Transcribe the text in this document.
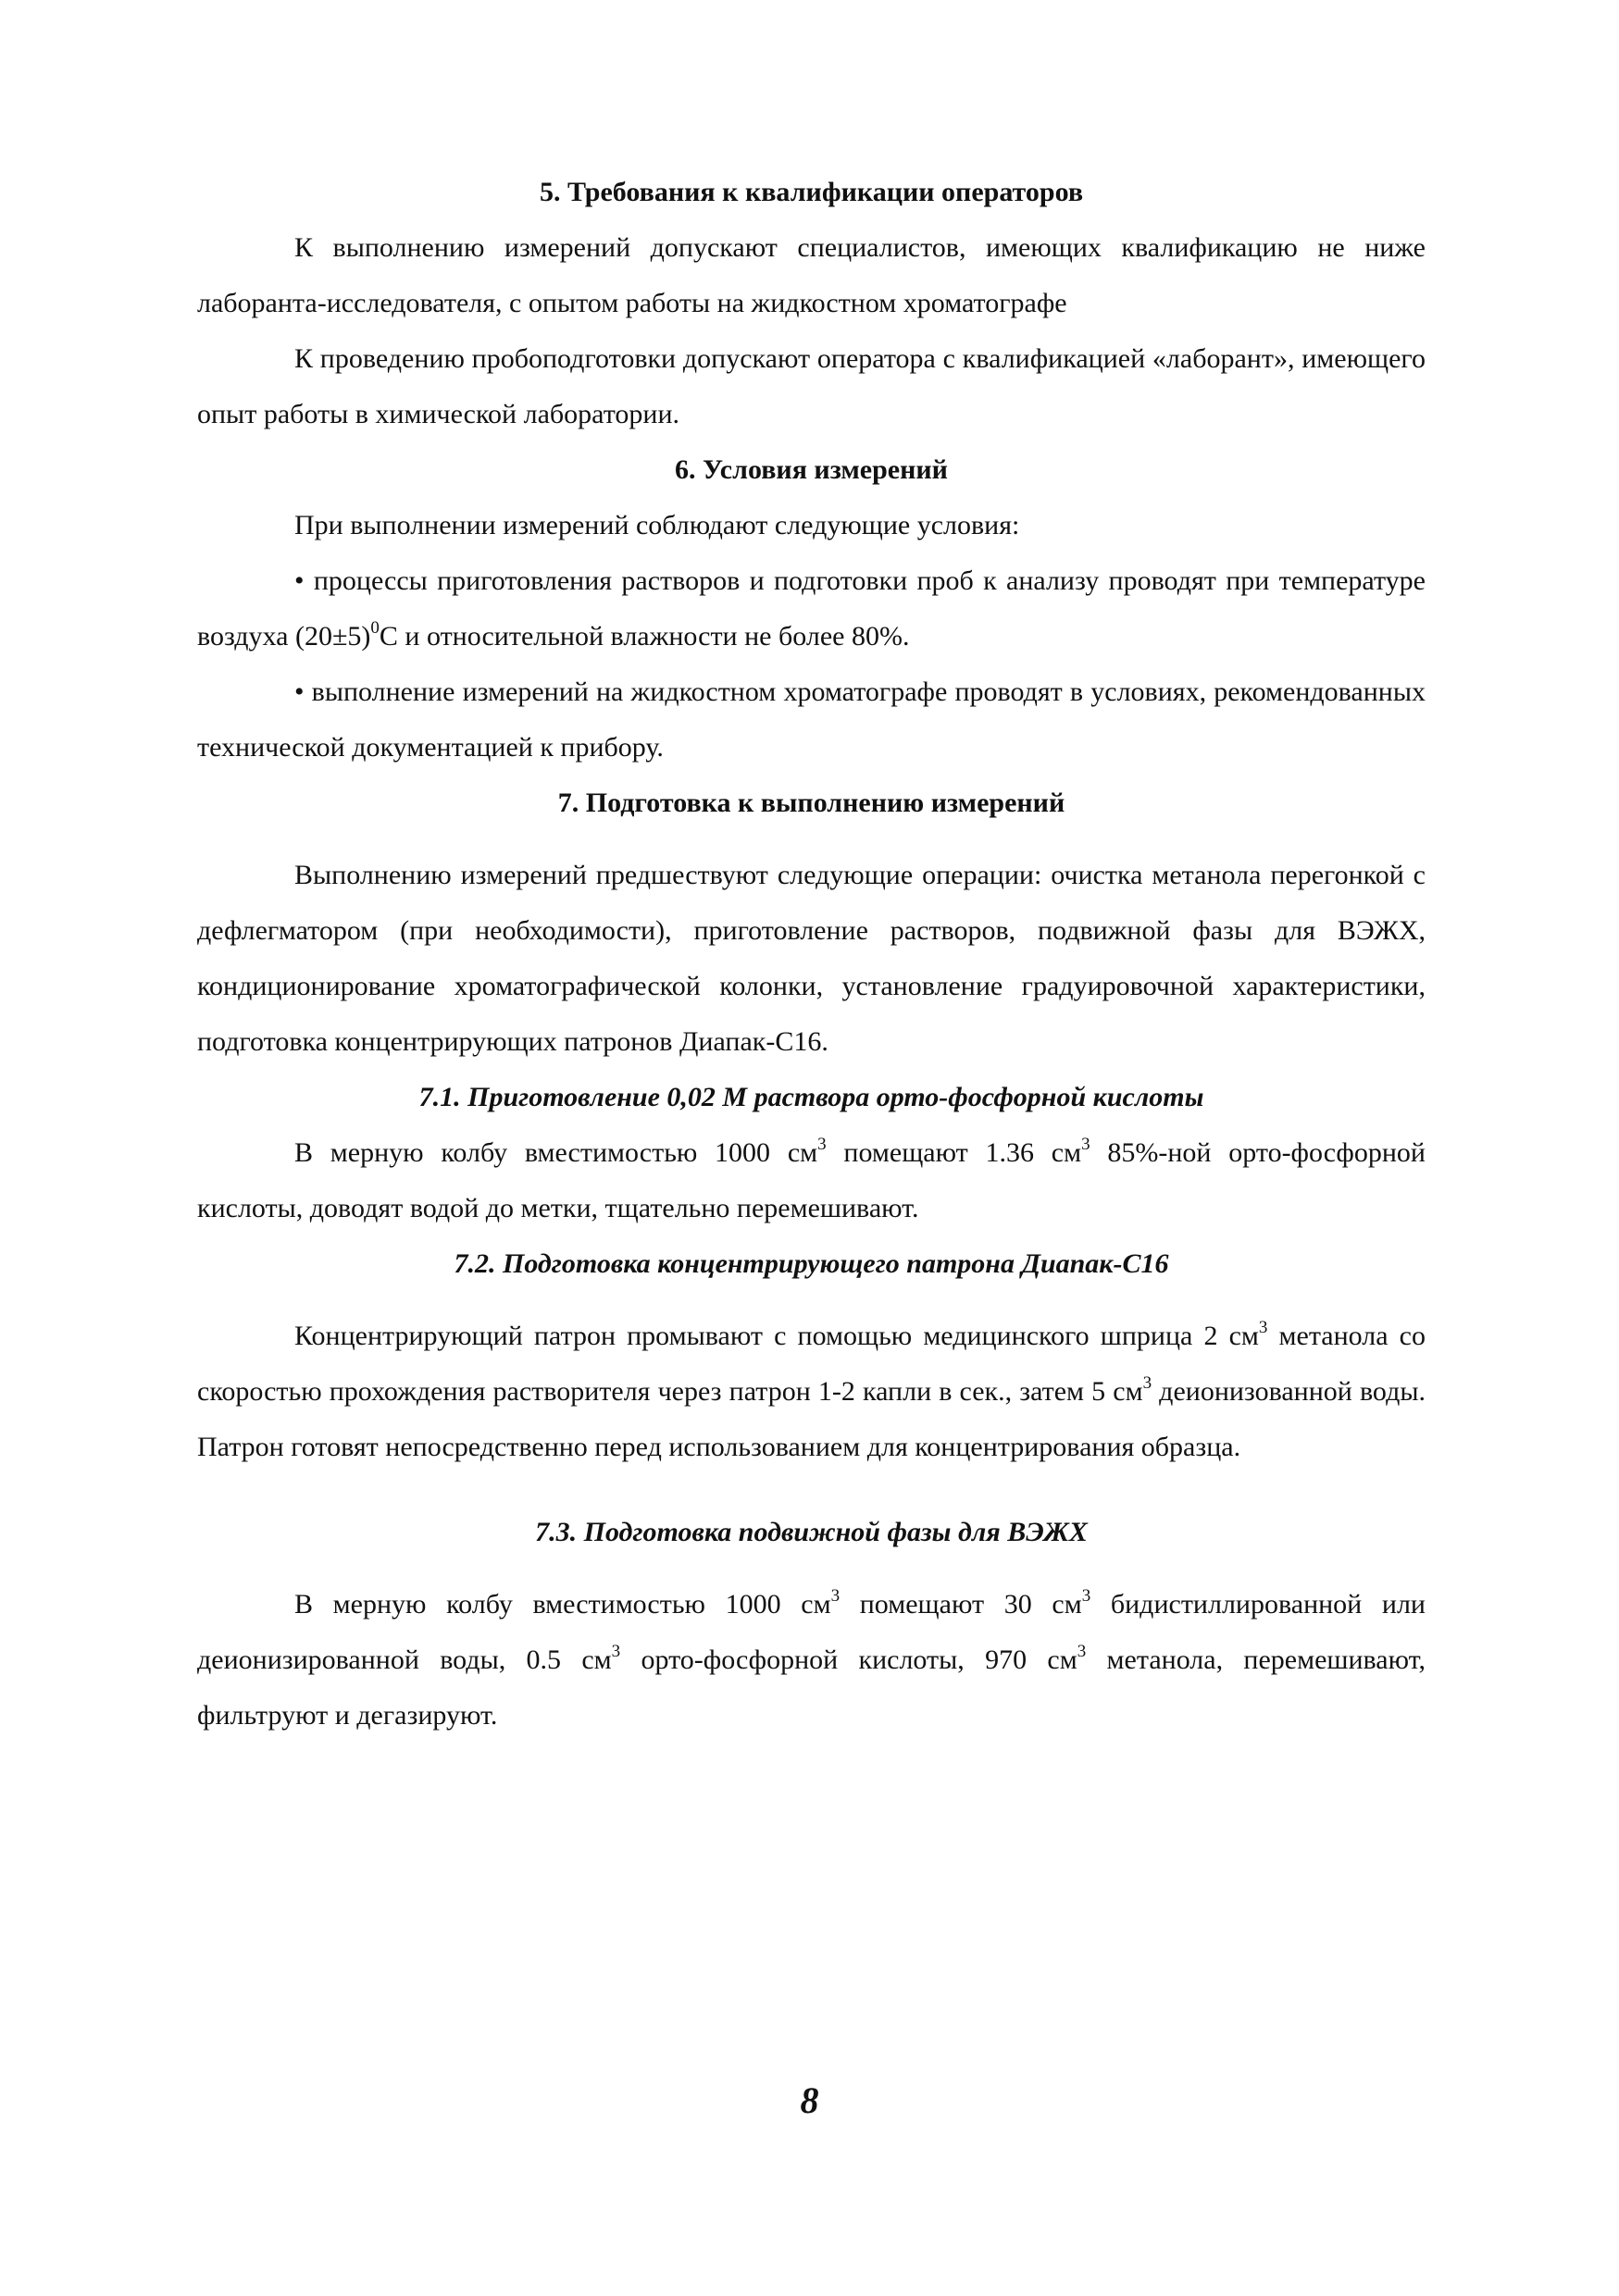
5. Требования к квалификации операторов

К выполнению измерений допускают специалистов, имеющих квалификацию не ниже лаборанта-исследователя, с опытом работы на жидкостном хроматографе

К проведению пробоподготовки допускают оператора с квалификацией «лаборант», имеющего опыт работы в химической лаборатории.

6. Условия измерений

При выполнении измерений соблюдают следующие условия:

• процессы приготовления растворов и подготовки проб к анализу проводят при температуре воздуха $(20\pm 5)^0С$ и относительной влажности не более 80%.

• выполнение измерений на жидкостном хроматографе проводят в условиях, рекомендованных технической документацией к прибору.

7. Подготовка к выполнению измерений

Выполнению измерений предшествуют следующие операции: очистка метанола перегонкой с дефлегматором (при необходимости), приготовление растворов, подвижной фазы для ВЭЖХ, кондиционирование хроматографической колонки, установление градуировочной характеристики, подготовка концентрирующих патронов Диапак-С16.

7.1. Приготовление 0,02 М раствора орто-фосфорной кислоты

В мерную колбу вместимостью 1000 $см^3$ помещают 1.36 $см^3$ 85%-ной орто-фосфорной кислоты, доводят водой до метки, тщательно перемешивают.

7.2. Подготовка концентрирующего патрона Диапак-С16

Концентрирующий патрон промывают с помощью медицинского шприца 2 $см^3$ метанола со скоростью прохождения растворителя через патрон 1-2 капли в сек., затем 5 $см^3$ деионизованной воды. Патрон готовят непосредственно перед использованием для концентрирования образца.

7.3. Подготовка подвижной фазы для ВЭЖХ

В мерную колбу вместимостью 1000 $см^3$ помещают 30 $см^3$ бидистиллированной или деионизированной воды, 0.5 $см^3$ орто-фосфорной кислоты, 970 $см^3$ метанола, перемешивают, фильтруют и дегазируют.

8
